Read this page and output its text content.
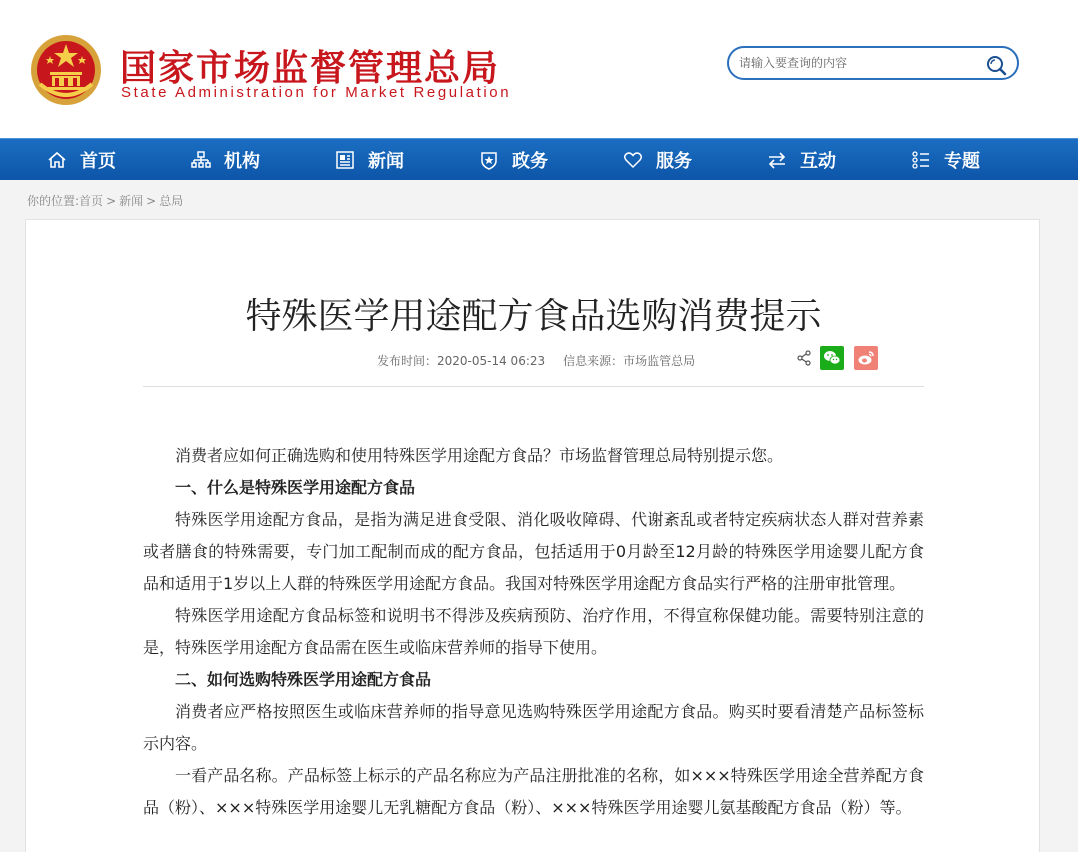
国家市场监督管理总局
State Administration for Market Regulation
请输入要查询的内容
首页	机构	新闻	政务	服务	互动	专题
你的位置:首页 > 新闻 > 总局
特殊医学用途配方食品选购消费提示
发布时间：2020-05-14 06:23 信息来源：市场监管总局

消费者应如何正确选购和使用特殊医学用途配方食品？市场监督管理总局特别提示您。

一、什么是特殊医学用途配方食品

特殊医学用途配方食品，是指为满足进食受限、消化吸收障碍、代谢紊乱或者特定疾病状态人群对营养素或者膳食的特殊需要，专门加工配制而成的配方食品，包括适用于0月龄至12月龄的特殊医学用途婴儿配方食品和适用于1岁以上人群的特殊医学用途配方食品。我国对特殊医学用途配方食品实行严格的注册审批管理。

特殊医学用途配方食品标签和说明书不得涉及疾病预防、治疗作用，不得宣称保健功能。需要特别注意的是，特殊医学用途配方食品需在医生或临床营养师的指导下使用。

二、如何选购特殊医学用途配方食品

消费者应严格按照医生或临床营养师的指导意见选购特殊医学用途配方食品。购买时要看清楚产品标签标示内容。

一看产品名称。产品标签上标示的产品名称应为产品注册批准的名称，如×××特殊医学用途全营养配方食品（粉）、×××特殊医学用途婴儿无乳糖配方食品（粉）、×××特殊医学用途婴儿氨基酸配方食品（粉）等。
